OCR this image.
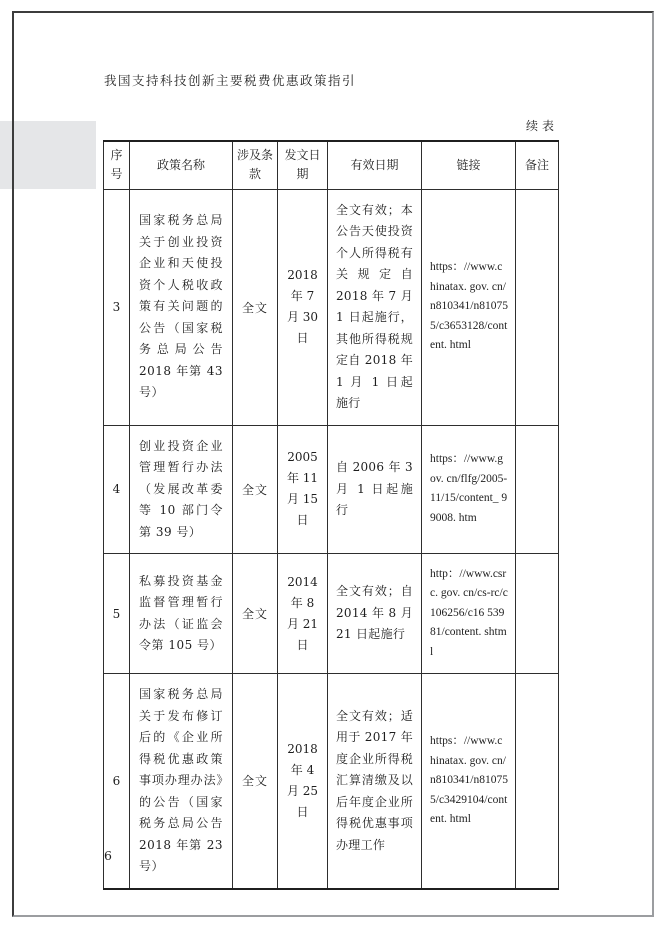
我国支持科技创新主要税费优惠政策指引
续表
序号	政策名称	涉及条款	发文日期	有效日期	链接	备注
3	国家税务总局关于创业投资企业和天使投资个人税收政策有关问题的公告（国家税务总局公告 2018 年第 43 号）	全文	2018 年 7 月 30 日	全文有效；本公告天使投资个人所得税有关规定自 2018 年 7 月 1 日起施行，其他所得税规定自 2018 年 1 月 1 日起施行	https：//www.chinatax. gov. cn/n810341/n810755/c3653128/content. html	
4	创业投资企业管理暂行办法（发展改革委等 10 部门令第 39 号）	全文	2005 年 11 月 15 日	自 2006 年 3 月 1 日起施行	https：//www.gov. cn/flfg/2005-11/15/content_ 99008. htm	
5	私募投资基金监督管理暂行办法（证监会令第 105 号）	全文	2014 年 8 月 21 日	全文有效；自 2014 年 8 月 21 日起施行	http：//www.csrc. gov. cn/cs-rc/c106256/c16 53981/content. shtml	
6	国家税务总局关于发布修订后的《企业所得税优惠政策事项办理办法》的公告（国家税务总局公告 2018 年第 23 号）	全文	2018 年 4 月 25 日	全文有效；适用于 2017 年度企业所得税汇算清缴及以后年度企业所得税优惠事项办理工作	https：//www.chinatax. gov. cn/n810341/n810755/c3429104/content. html	
6
